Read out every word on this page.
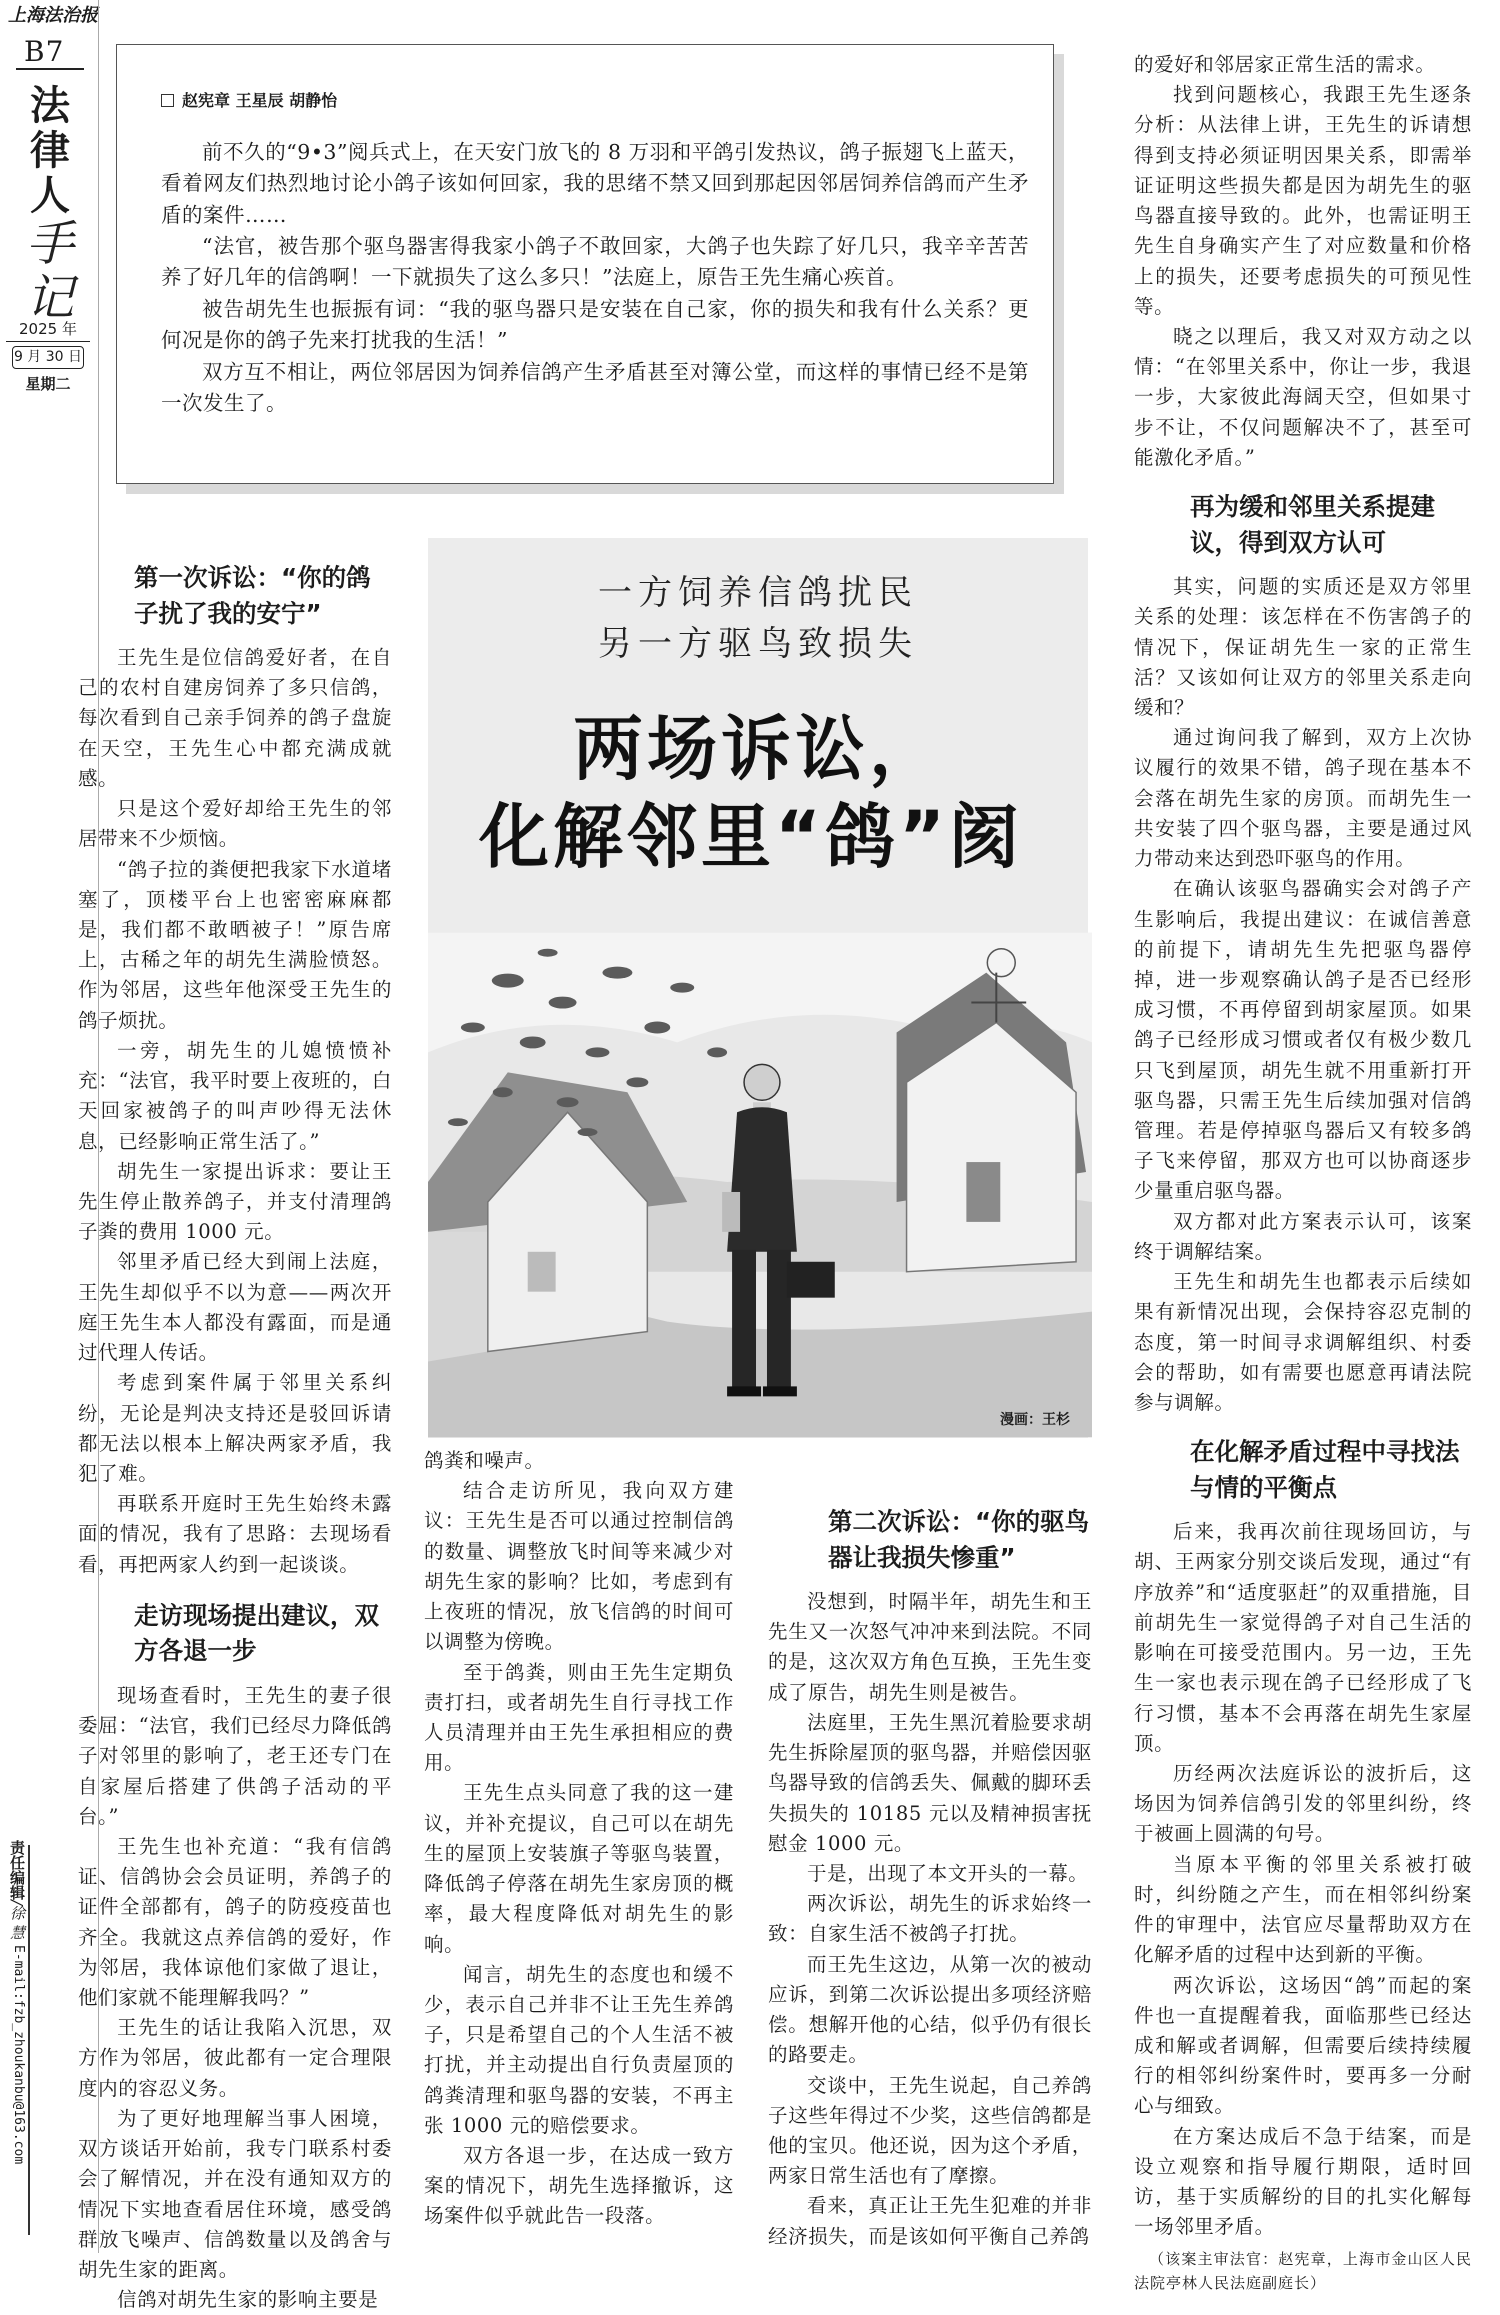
上海法治报
B7
法
律
人
手
记
2025 年
9 月 30 日
星期二
责任编辑/徐 慧
E-mail:fzb_zhoukanbu@163.com
赵宪章 王星辰 胡静怡

前不久的“9•3”阅兵式上，在天安门放飞的 8 万羽和平鸽引发热议，鸽子振翅飞上蓝天，看着网友们热烈地讨论小鸽子该如何回家，我的思绪不禁又回到那起因邻居饲养信鸽而产生矛盾的案件……

“法官，被告那个驱鸟器害得我家小鸽子不敢回家，大鸽子也失踪了好几只，我辛辛苦苦养了好几年的信鸽啊！一下就损失了这么多只！”法庭上，原告王先生痛心疾首。

被告胡先生也振振有词：“我的驱鸟器只是安装在自己家，你的损失和我有什么关系？更何况是你的鸽子先来打扰我的生活！”

双方互不相让，两位邻居因为饲养信鸽产生矛盾甚至对簿公堂，而这样的事情已经不是第一次发生了。

一方饲养信鸽扰民
另一方驱鸟致损失
两场诉讼，
化解邻里“鸽”阂
漫画：王杉
第一次诉讼：“你的鸽子扰了我的安宁”

王先生是位信鸽爱好者，在自己的农村自建房饲养了多只信鸽，每次看到自己亲手饲养的鸽子盘旋在天空，王先生心中都充满成就感。

只是这个爱好却给王先生的邻居带来不少烦恼。

“鸽子拉的粪便把我家下水道堵塞了，顶楼平台上也密密麻麻都是，我们都不敢晒被子！”原告席上，古稀之年的胡先生满脸愤怒。作为邻居，这些年他深受王先生的鸽子烦扰。

一旁，胡先生的儿媳愤愤补充：“法官，我平时要上夜班的，白天回家被鸽子的叫声吵得无法休息，已经影响正常生活了。”

胡先生一家提出诉求：要让王先生停止散养鸽子，并支付清理鸽子粪的费用 1000 元。

邻里矛盾已经大到闹上法庭，王先生却似乎不以为意——两次开庭王先生本人都没有露面，而是通过代理人传话。

考虑到案件属于邻里关系纠纷，无论是判决支持还是驳回诉请都无法以根本上解决两家矛盾，我犯了难。

再联系开庭时王先生始终未露面的情况，我有了思路：去现场看看，再把两家人约到一起谈谈。

走访现场提出建议，双方各退一步

现场查看时，王先生的妻子很委屈：“法官，我们已经尽力降低鸽子对邻里的影响了，老王还专门在自家屋后搭建了供鸽子活动的平台。”

王先生也补充道：“我有信鸽证、信鸽协会会员证明，养鸽子的证件全部都有，鸽子的防疫疫苗也齐全。我就这点养信鸽的爱好，作为邻居，我体谅他们家做了退让，他们家就不能理解我吗？”

王先生的话让我陷入沉思，双方作为邻居，彼此都有一定合理限度内的容忍义务。

为了更好地理解当事人困境，双方谈话开始前，我专门联系村委会了解情况，并在没有通知双方的情况下实地查看居住环境，感受鸽群放飞噪声、信鸽数量以及鸽舍与胡先生家的距离。

信鸽对胡先生家的影响主要是

鸽粪和噪声。

结合走访所见，我向双方建议：王先生是否可以通过控制信鸽的数量、调整放飞时间等来减少对胡先生家的影响？比如，考虑到有上夜班的情况，放飞信鸽的时间可以调整为傍晚。

至于鸽粪，则由王先生定期负责打扫，或者胡先生自行寻找工作人员清理并由王先生承担相应的费用。

王先生点头同意了我的这一建议，并补充提议，自己可以在胡先生的屋顶上安装旗子等驱鸟装置，降低鸽子停落在胡先生家房顶的概率，最大程度降低对胡先生的影响。

闻言，胡先生的态度也和缓不少，表示自己并非不让王先生养鸽子，只是希望自己的个人生活不被打扰，并主动提出自行负责屋顶的鸽粪清理和驱鸟器的安装，不再主张 1000 元的赔偿要求。

双方各退一步，在达成一致方案的情况下，胡先生选择撤诉，这场案件似乎就此告一段落。

第二次诉讼：“你的驱鸟器让我损失惨重”

没想到，时隔半年，胡先生和王先生又一次怒气冲冲来到法院。不同的是，这次双方角色互换，王先生变成了原告，胡先生则是被告。

法庭里，王先生黑沉着脸要求胡先生拆除屋顶的驱鸟器，并赔偿因驱鸟器导致的信鸽丢失、佩戴的脚环丢失损失的 10185 元以及精神损害抚慰金 1000 元。

于是，出现了本文开头的一幕。

两次诉讼，胡先生的诉求始终一致：自家生活不被鸽子打扰。

而王先生这边，从第一次的被动应诉，到第二次诉讼提出多项经济赔偿。想解开他的心结，似乎仍有很长的路要走。

交谈中，王先生说起，自己养鸽子这些年得过不少奖，这些信鸽都是他的宝贝。他还说，因为这个矛盾，两家日常生活也有了摩擦。

看来，真正让王先生犯难的并非经济损失，而是该如何平衡自己养鸽

的爱好和邻居家正常生活的需求。

找到问题核心，我跟王先生逐条分析：从法律上讲，王先生的诉请想得到支持必须证明因果关系，即需举证证明这些损失都是因为胡先生的驱鸟器直接导致的。此外，也需证明王先生自身确实产生了对应数量和价格上的损失，还要考虑损失的可预见性等。

晓之以理后，我又对双方动之以情：“在邻里关系中，你让一步，我退一步，大家彼此海阔天空，但如果寸步不让，不仅问题解决不了，甚至可能激化矛盾。”

再为缓和邻里关系提建议，得到双方认可

其实，问题的实质还是双方邻里关系的处理：该怎样在不伤害鸽子的情况下，保证胡先生一家的正常生活？又该如何让双方的邻里关系走向缓和？

通过询问我了解到，双方上次协议履行的效果不错，鸽子现在基本不会落在胡先生家的房顶。而胡先生一共安装了四个驱鸟器，主要是通过风力带动来达到恐吓驱鸟的作用。

在确认该驱鸟器确实会对鸽子产生影响后，我提出建议：在诚信善意的前提下，请胡先生先把驱鸟器停掉，进一步观察确认鸽子是否已经形成习惯，不再停留到胡家屋顶。如果鸽子已经形成习惯或者仅有极少数几只飞到屋顶，胡先生就不用重新打开驱鸟器，只需王先生后续加强对信鸽管理。若是停掉驱鸟器后又有较多鸽子飞来停留，那双方也可以协商逐步少量重启驱鸟器。

双方都对此方案表示认可，该案终于调解结案。

王先生和胡先生也都表示后续如果有新情况出现，会保持容忍克制的态度，第一时间寻求调解组织、村委会的帮助，如有需要也愿意再请法院参与调解。

在化解矛盾过程中寻找法与情的平衡点

后来，我再次前往现场回访，与胡、王两家分别交谈后发现，通过“有序放养”和“适度驱赶”的双重措施，目前胡先生一家觉得鸽子对自己生活的影响在可接受范围内。另一边，王先生一家也表示现在鸽子已经形成了飞行习惯，基本不会再落在胡先生家屋顶。

历经两次法庭诉讼的波折后，这场因为饲养信鸽引发的邻里纠纷，终于被画上圆满的句号。

当原本平衡的邻里关系被打破时，纠纷随之产生，而在相邻纠纷案件的审理中，法官应尽量帮助双方在化解矛盾的过程中达到新的平衡。

两次诉讼，这场因“鸽”而起的案件也一直提醒着我，面临那些已经达成和解或者调解，但需要后续持续履行的相邻纠纷案件时，要再多一分耐心与细致。

在方案达成后不急于结案，而是设立观察和指导履行期限，适时回访，基于实质解纷的目的扎实化解每一场邻里矛盾。

（该案主审法官：赵宪章，上海市金山区人民法院亭林人民法庭副庭长）
